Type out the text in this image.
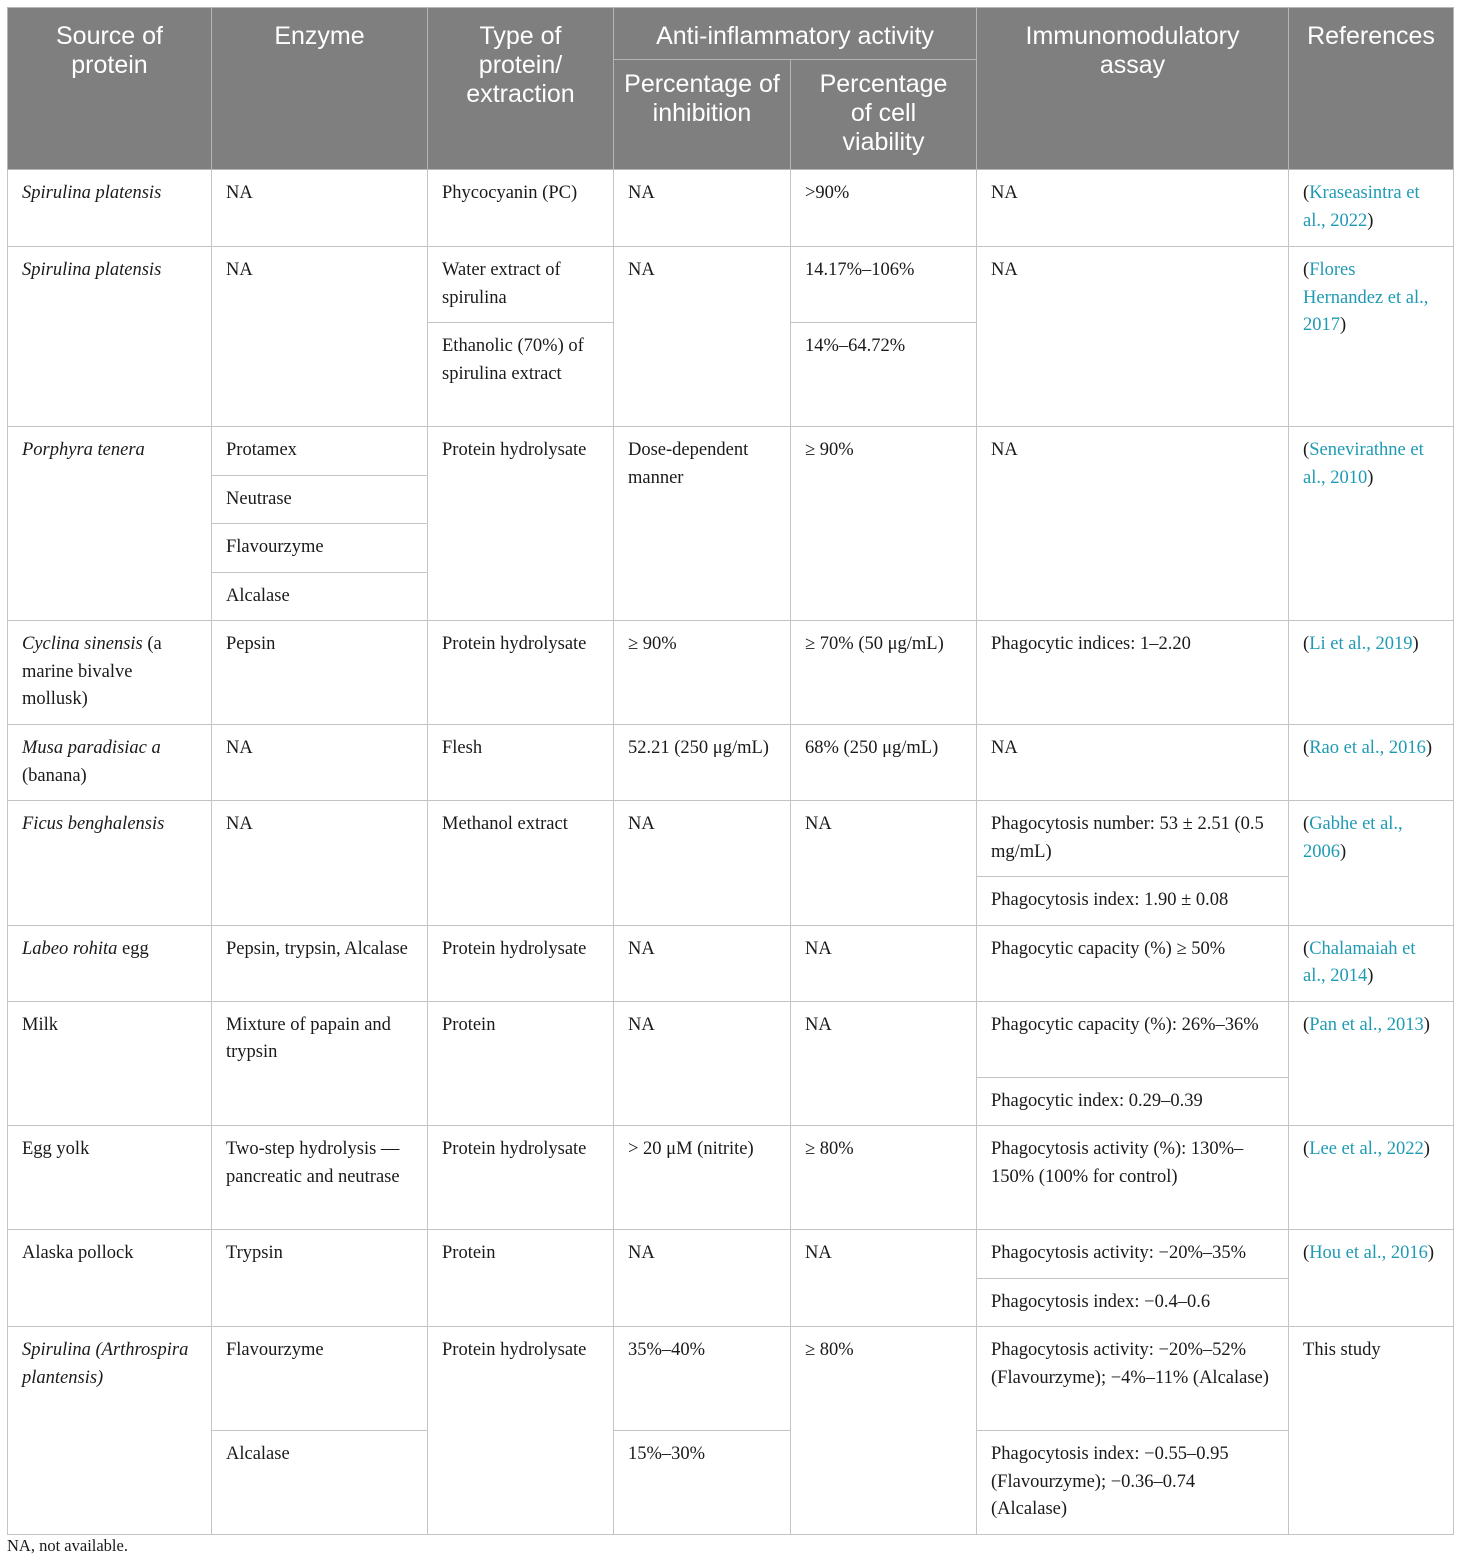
Source of protein	Enzyme	Type of protein/ extraction	Anti-inflammatory activity		Immunomodulatory assay	References
			Percentage of inhibition	Percentage of cell viability		
Spirulina platensis	NA	Phycocyanin (PC)	NA	>90%	NA	(Kraseasintra et al., 2022)
Spirulina platensis	NA	Water extract of spirulina	NA	14.17%–106%	NA	(Flores Hernandez et al., 2017)
		Ethanolic (70%) of spirulina extract		14%–64.72%		
Porphyra tenera	Protamex	Protein hydrolysate	Dose-dependent manner	≥ 90%	NA	(Senevirathne et al., 2010)
	Neutrase					
	Flavourzyme					
	Alcalase					
Cyclina sinensis (a marine bivalve mollusk)	Pepsin	Protein hydrolysate	≥ 90%	≥ 70% (50 μg/mL)	Phagocytic indices: 1–2.20	(Li et al., 2019)
Musa paradisiac a (banana)	NA	Flesh	52.21 (250 μg/mL)	68% (250 μg/mL)	NA	(Rao et al., 2016)
Ficus benghalensis	NA	Methanol extract	NA	NA	Phagocytosis number: 53 ± 2.51 (0.5 mg/mL)	(Gabhe et al., 2006)
					Phagocytosis index: 1.90 ± 0.08	
Labeo rohita egg	Pepsin, trypsin, Alcalase	Protein hydrolysate	NA	NA	Phagocytic capacity (%) ≥ 50%	(Chalamaiah et al., 2014)
Milk	Mixture of papain and trypsin	Protein	NA	NA	Phagocytic capacity (%): 26%–36%	(Pan et al., 2013)
					Phagocytic index: 0.29–0.39	
Egg yolk	Two-step hydrolysis —pancreatic and neutrase	Protein hydrolysate	> 20 μM (nitrite)	≥ 80%	Phagocytosis activity (%): 130%–150% (100% for control)	(Lee et al., 2022)
Alaska pollock	Trypsin	Protein	NA	NA	Phagocytosis activity: −20%–35%	(Hou et al., 2016)
					Phagocytosis index: −0.4–0.6	
Spirulina (Arthrospira plantensis)	Flavourzyme	Protein hydrolysate	35%–40%	≥ 80%	Phagocytosis activity: −20%–52% (Flavourzyme); −4%–11% (Alcalase)	This study
	Alcalase		15%–30%		Phagocytosis index: −0.55–0.95 (Flavourzyme); −0.36–0.74 (Alcalase)	
NA, not available.
